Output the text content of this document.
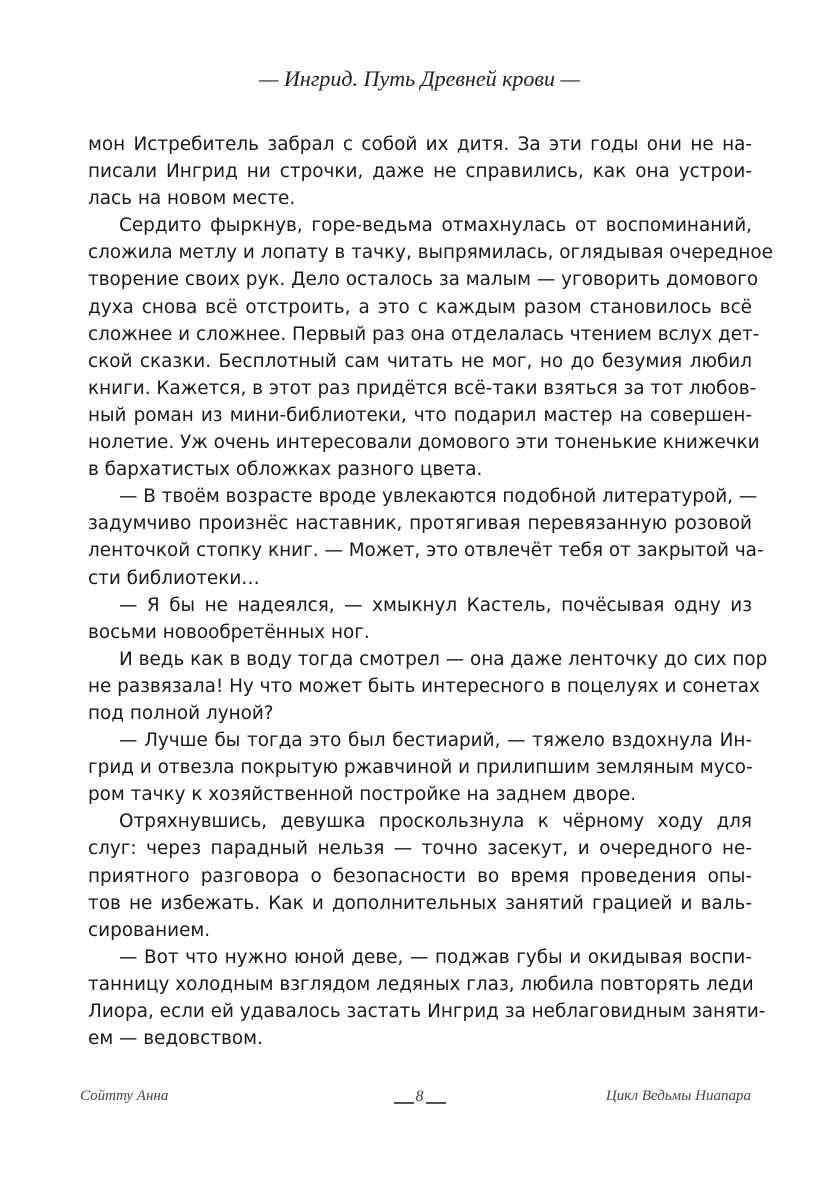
— Ингрид. Путь Древней крови —
мон Истребитель забрал с собой их дитя. За эти годы они не на-
писали Ингрид ни строчки, даже не справились, как она устрои-
лась на новом месте.
Сердито фыркнув, горе-ведьма отмахнулась от воспоминаний,
сложила метлу и лопату в тачку, выпрямилась, оглядывая очередное
творение своих рук. Дело осталось за малым — уговорить домового
духа снова всё отстроить, а это с каждым разом становилось всё
сложнее и сложнее. Первый раз она отделалась чтением вслух дет-
ской сказки. Бесплотный сам читать не мог, но до безумия любил
книги. Кажется, в этот раз придётся всё-таки взяться за тот любов-
ный роман из мини-библиотеки, что подарил мастер на совершен-
нолетие. Уж очень интересовали домового эти тоненькие книжечки
в бархатистых обложках разного цвета.
— В твоём возрасте вроде увлекаются подобной литературой, —
задумчиво произнёс наставник, протягивая перевязанную розовой
ленточкой стопку книг. — Может, это отвлечёт тебя от закрытой ча-
сти библиотеки…
— Я бы не надеялся, — хмыкнул Кастель, почёсывая одну из
восьми новообретённых ног.
И ведь как в воду тогда смотрел — она даже ленточку до сих пор
не развязала! Ну что может быть интересного в поцелуях и сонетах
под полной луной?
— Лучше бы тогда это был бестиарий, — тяжело вздохнула Ин-
грид и отвезла покрытую ржавчиной и прилипшим земляным мусо-
ром тачку к хозяйственной постройке на заднем дворе.
Отряхнувшись, девушка проскользнула к чёрному ходу для
слуг: через парадный нельзя — точно засекут, и очередного не-
приятного разговора о безопасности во время проведения опы-
тов не избежать. Как и дополнительных занятий грацией и валь-
сированием.
— Вот что нужно юной деве, — поджав губы и окидывая воспи-
танницу холодным взглядом ледяных глаз, любила повторять леди
Лиора, если ей удавалось застать Ингрид за неблаговидным заняти-
ем — ведовством.
Сойтту Анна	8	Цикл Ведьмы Ниапара
